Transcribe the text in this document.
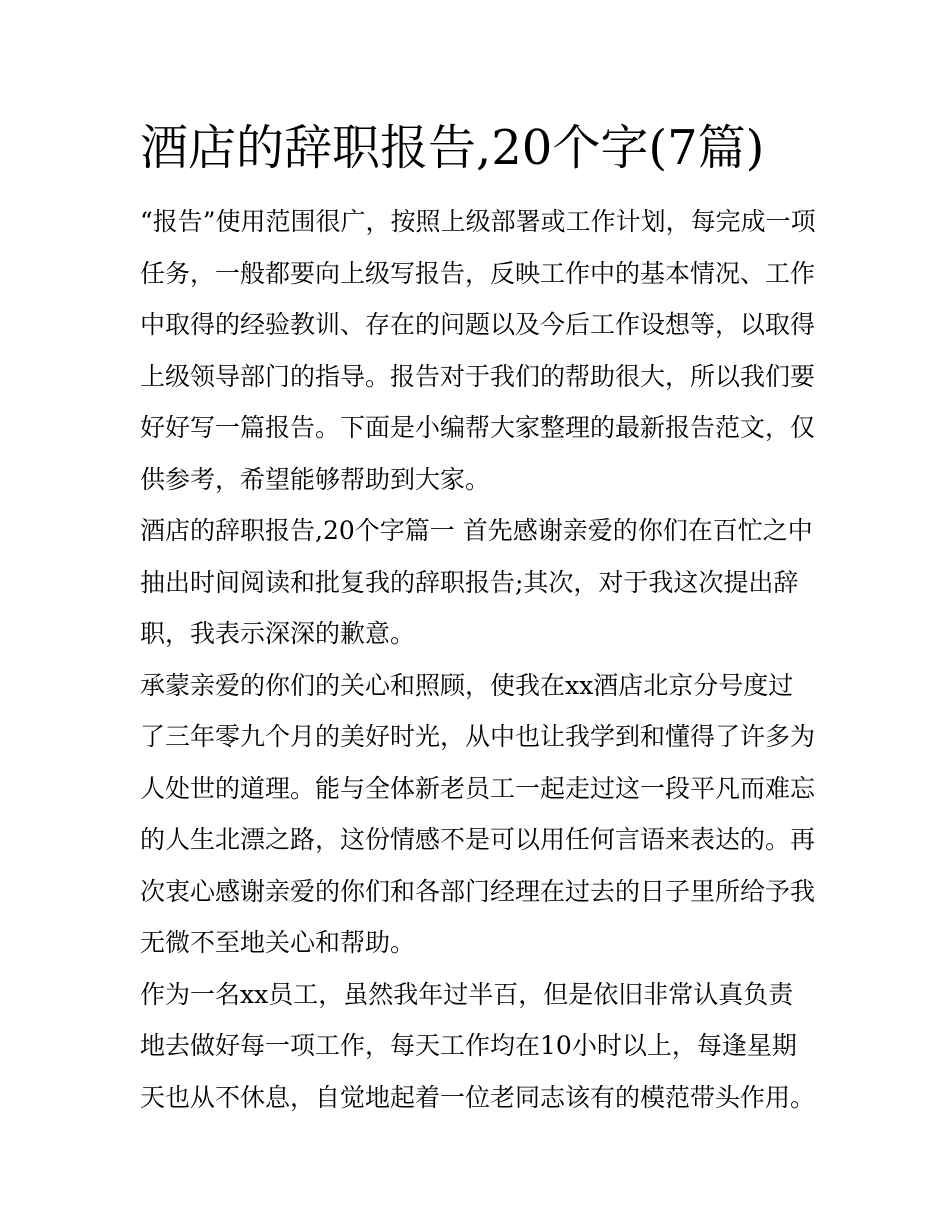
酒店的辞职报告,20个字(7篇)
“报告”使用范围很广，按照上级部署或工作计划，每完成一项
任务，一般都要向上级写报告，反映工作中的基本情况、工作
中取得的经验教训、存在的问题以及今后工作设想等，以取得
上级领导部门的指导。报告对于我们的帮助很大，所以我们要
好好写一篇报告。下面是小编帮大家整理的最新报告范文，仅
供参考，希望能够帮助到大家。
酒店的辞职报告,20个字篇一 首先感谢亲爱的你们在百忙之中
抽出时间阅读和批复我的辞职报告;其次，对于我这次提出辞
职，我表示深深的歉意。
承蒙亲爱的你们的关心和照顾，使我在xx酒店北京分号度过
了三年零九个月的美好时光，从中也让我学到和懂得了许多为
人处世的道理。能与全体新老员工一起走过这一段平凡而难忘
的人生北漂之路，这份情感不是可以用任何言语来表达的。再
次衷心感谢亲爱的你们和各部门经理在过去的日子里所给予我
无微不至地关心和帮助。
作为一名xx员工，虽然我年过半百，但是依旧非常认真负责
地去做好每一项工作，每天工作均在10小时以上，每逢星期
天也从不休息，自觉地起着一位老同志该有的模范带头作用。
